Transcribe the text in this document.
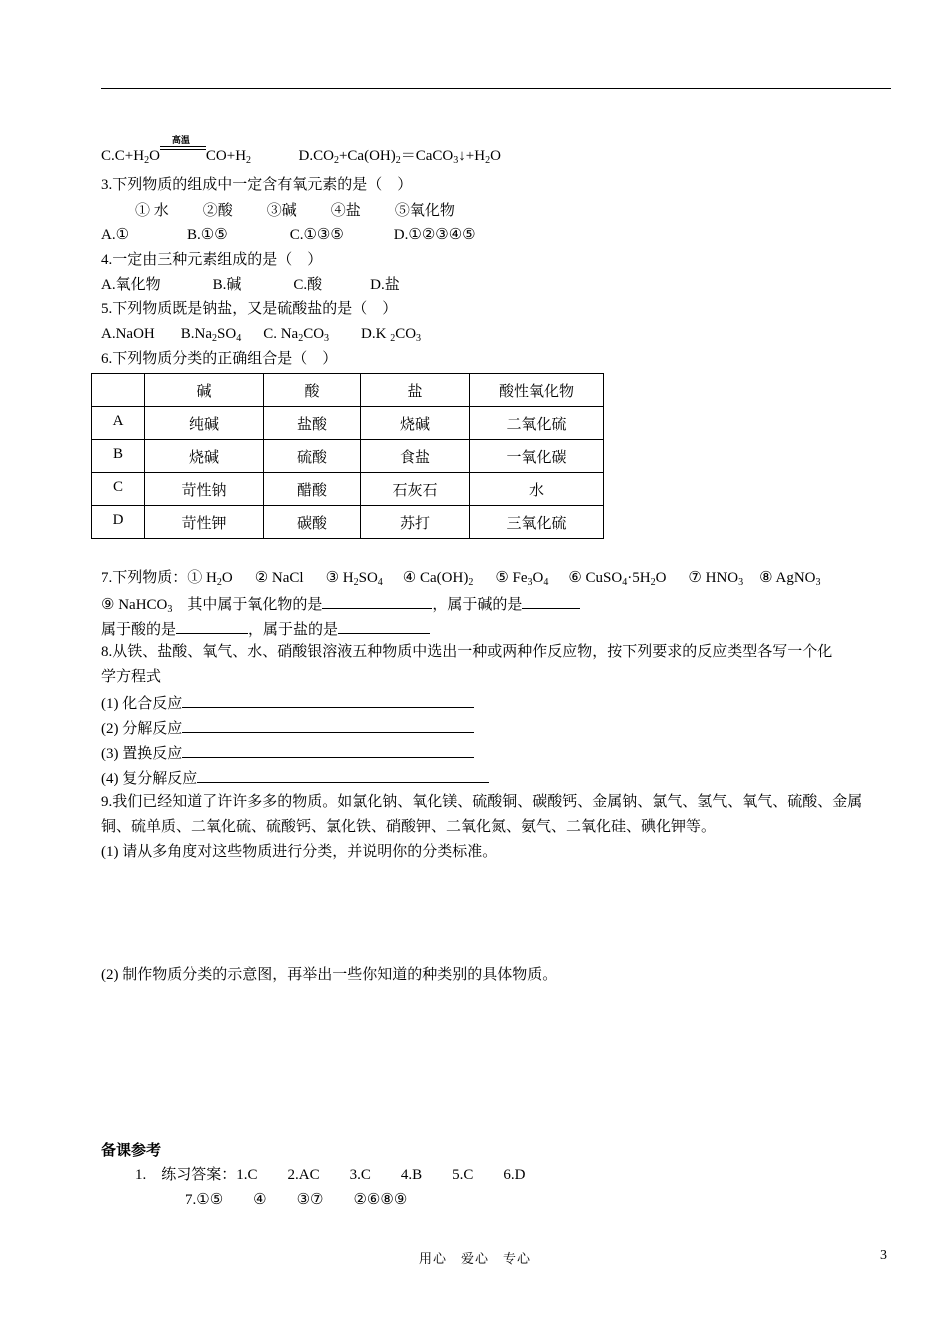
$C.C+H_2O$
高温
$CO+H_2$	$D.CO_2+Ca(OH)_2=CaCO_3↓+H_2O$
3.下列物质的组成中一定含有氧元素的是（　）
① 水 ②酸 ③碱 ④盐 ⑤氧化物
A.①	B.①⑤	C.①③⑤	D.①②③④⑤
4.一定由三种元素组成的是（　）
A.氧化物	B.碱	C.酸	D.盐
5.下列物质既是钠盐，又是硫酸盐的是（　）
A.NaOH $B.Na_2SO_4$ C. $Na_2CO_3$ D.K $_2CO_3$
6.下列物质分类的正确组合是（　）
	碱	酸	盐	酸性氧化物
A	纯碱	盐酸	烧碱	二氧化硫
B	烧碱	硫酸	食盐	一氧化碳
C	苛性钠	醋酸	石灰石	水
D	苛性钾	碳酸	苏打	三氧化硫
7.下列物质：① $H_2O$ ② NaCl ③ $H_2SO_4$ ④ $Ca(OH)_2$ ⑤ $Fe_3O_4$ ⑥ $CuSO_4\cdot 5H_2O$ ⑦ $HNO_3$ ⑧ AgNO$_3$
⑨ NaHCO$_3$　其中属于氧化物的是	，属于碱的是
属于酸的是	，属于盐的是
8.从铁、盐酸、氧气、水、硝酸银溶液五种物质中选出一种或两种作反应物，按下列要求的反应类型各写一个化
学方程式
(1) 化合反应
(2) 分解反应
(3) 置换反应
(4) 复分解反应
9.我们已经知道了许许多多的物质。如氯化钠、氧化镁、硫酸铜、碳酸钙、金属钠、氯气、氢气、氧气、硫酸、金属
铜、硫单质、二氧化硫、硫酸钙、氯化铁、硝酸钾、二氧化氮、氨气、二氧化硅、碘化钾等。
(1) 请从多角度对这些物质进行分类，并说明你的分类标准。
(2) 制作物质分类的示意图，再举出一些你知道的种类别的具体物质。
备课参考
1.　练习答案：1.C　　2.AC　　3.C　　4.B　　5.C　　6.D
7.①⑤　　④　　③⑦　　②⑥⑧⑨
用心　爱心　专心	3
